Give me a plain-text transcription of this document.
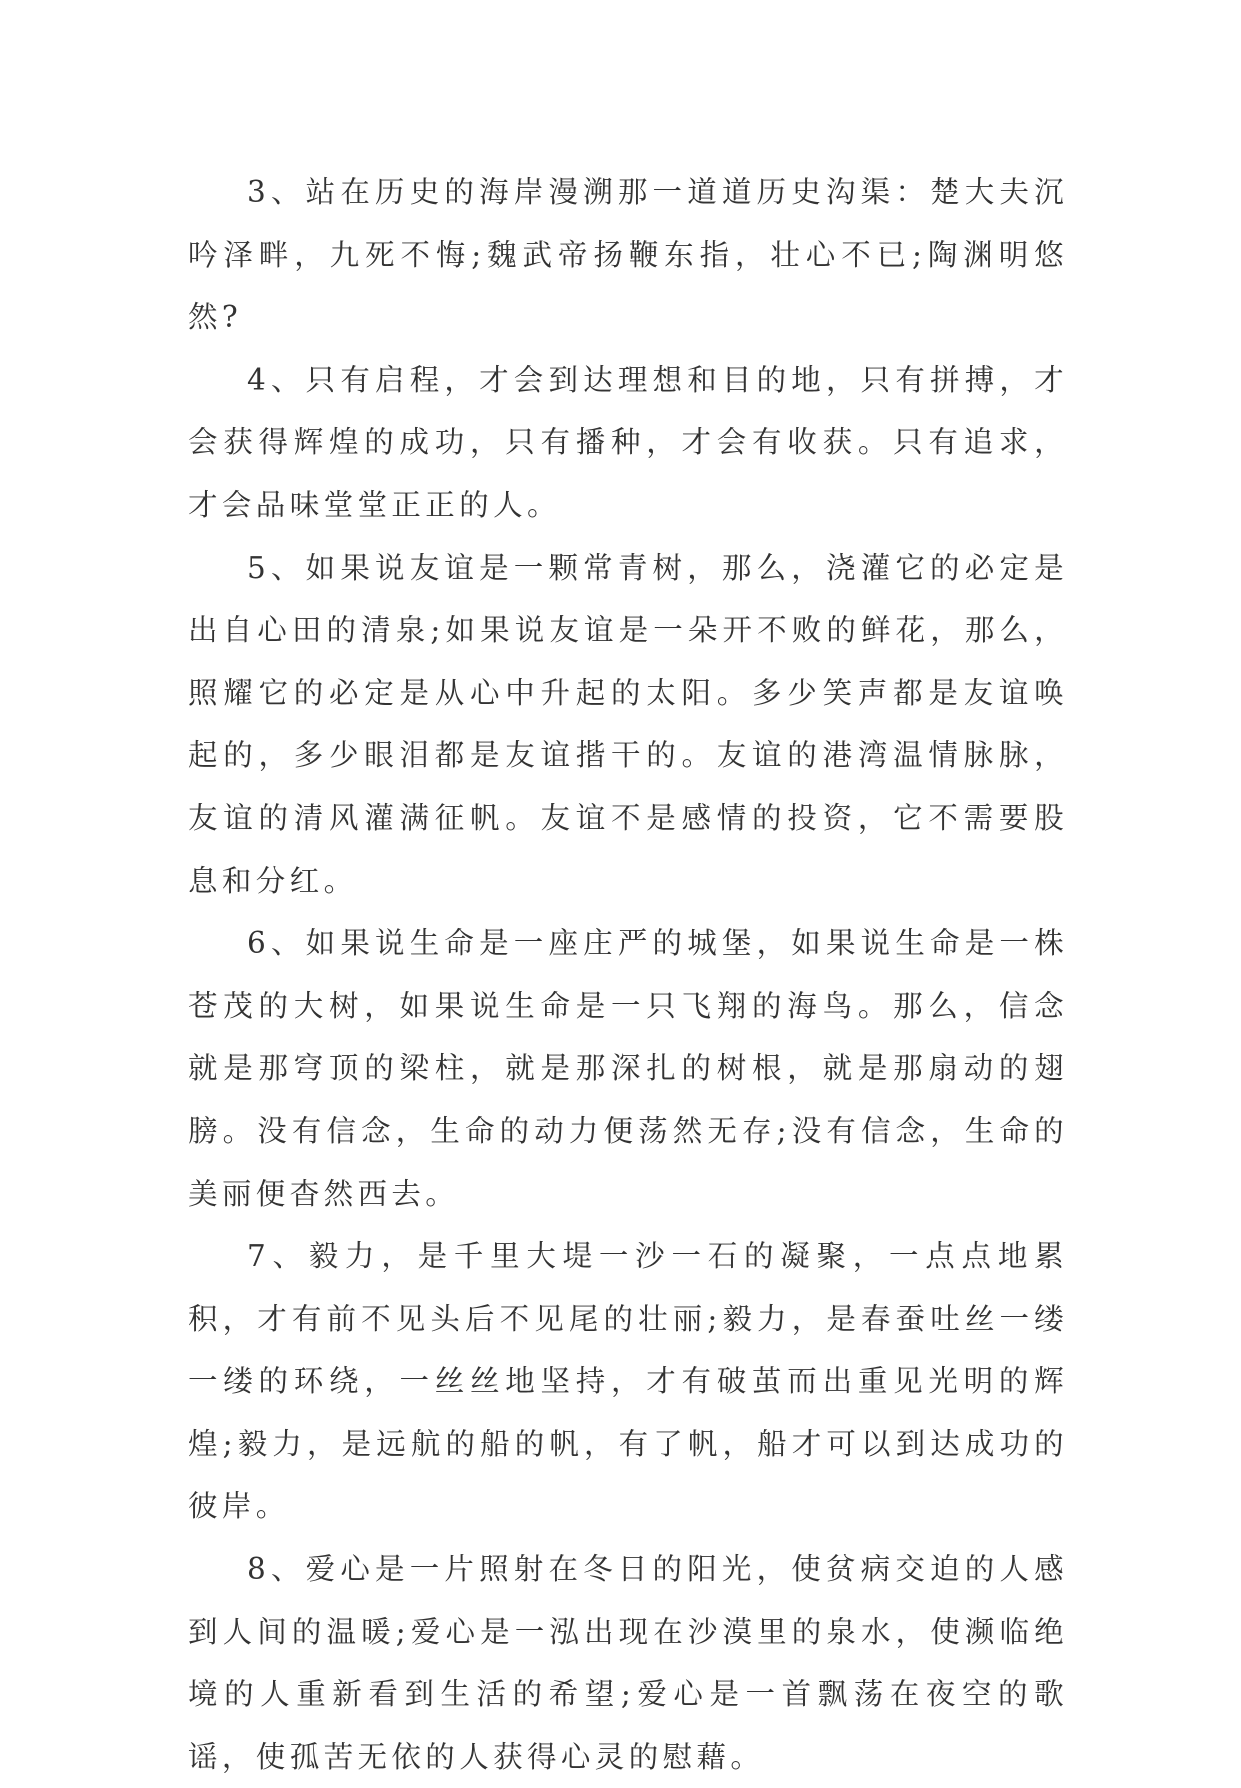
3、站在历史的海岸漫溯那一道道历史沟渠：楚大夫沉吟泽畔，九死不悔;魏武帝扬鞭东指，壮心不已;陶渊明悠然?

4、只有启程，才会到达理想和目的地，只有拼搏，才会获得辉煌的成功，只有播种，才会有收获。只有追求，才会品味堂堂正正的人。

5、如果说友谊是一颗常青树，那么，浇灌它的必定是出自心田的清泉;如果说友谊是一朵开不败的鲜花，那么，照耀它的必定是从心中升起的太阳。多少笑声都是友谊唤起的，多少眼泪都是友谊揩干的。友谊的港湾温情脉脉，友谊的清风灌满征帆。友谊不是感情的投资，它不需要股息和分红。

6、如果说生命是一座庄严的城堡，如果说生命是一株苍茂的大树，如果说生命是一只飞翔的海鸟。那么，信念就是那穹顶的梁柱，就是那深扎的树根，就是那扇动的翅膀。没有信念，生命的动力便荡然无存;没有信念，生命的美丽便杳然西去。

7、毅力，是千里大堤一沙一石的凝聚，一点点地累积，才有前不见头后不见尾的壮丽;毅力，是春蚕吐丝一缕一缕的环绕，一丝丝地坚持，才有破茧而出重见光明的辉煌;毅力，是远航的船的帆，有了帆，船才可以到达成功的彼岸。

8、爱心是一片照射在冬日的阳光，使贫病交迫的人感到人间的温暖;爱心是一泓出现在沙漠里的泉水，使濒临绝境的人重新看到生活的希望;爱心是一首飘荡在夜空的歌谣，使孤苦无依的人获得心灵的慰藉。
